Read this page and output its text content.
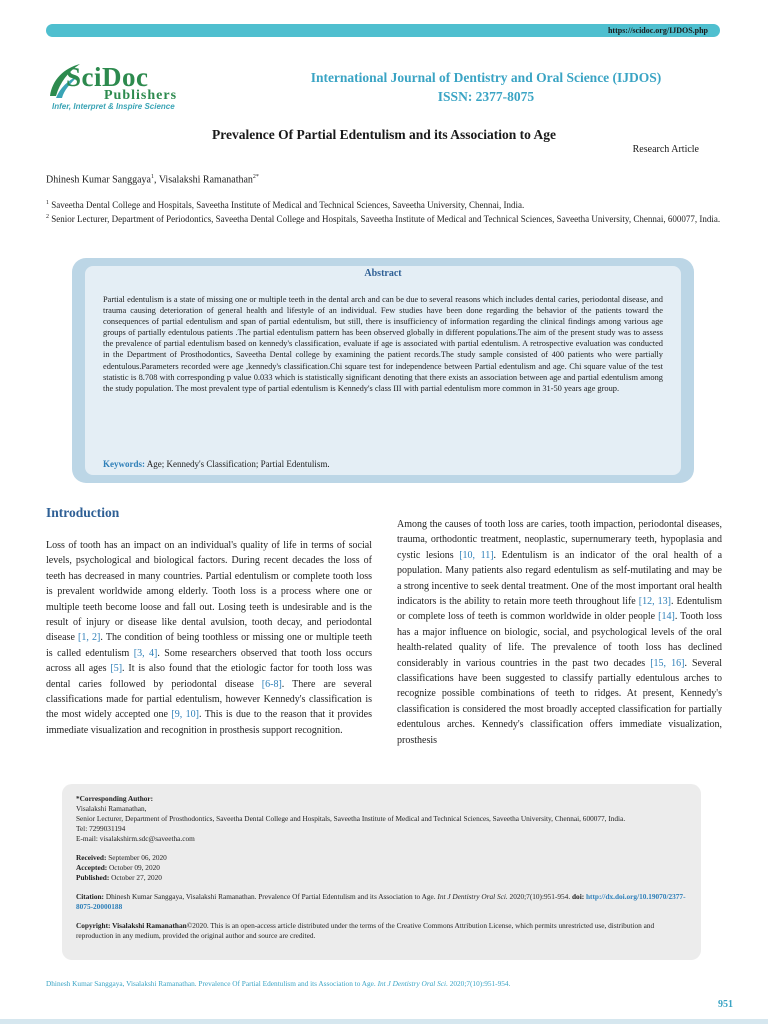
https://scidoc.org/IJDOS.php
SciDoc
Publishers
Infer, Interpret & Inspire Science
International Journal of Dentistry and Oral Science (IJDOS)
ISSN: 2377-8075
Prevalence Of Partial Edentulism and its Association to Age
Research Article
Dhinesh Kumar Sanggaya$^1$, Visalakshi Ramanathan$^{2*}$
$^1$ Saveetha Dental College and Hospitals, Saveetha Institute of Medical and Technical Sciences, Saveetha University, Chennai, India.
$^2$ Senior Lecturer, Department of Periodontics, Saveetha Dental College and Hospitals, Saveetha Institute of Medical and Technical Sciences, Saveetha University, Chennai, 600077, India.
Abstract
Partial edentulism is a state of missing one or multiple teeth in the dental arch and can be due to several reasons which includes dental caries, periodontal disease, and trauma causing deterioration of general health and lifestyle of an individual. Few studies have been done regarding the behavior of the patients toward the consequences of partial edentulism and span of partial edentulism, but still, there is insufficiency of information regarding the clinical findings among various age groups of partially edentulous patients .The partial edentulism pattern has been observed globally in different populations.The aim of the present study was to assess the prevalence of partial edentulism based on kennedy's classification, evaluate if age is associated with partial edentulism. A retrospective evaluation was conducted in the Department of Prosthodontics, Saveetha Dental college by examining the patient records.The study sample consisted of 400 patients who were partially edentulous.Parameters recorded were age ,kennedy's classification.Chi square test for independence between Partial edentulism and age. Chi square value of the test statistic is 8.708 with corresponding p value 0.033 which is statistically significant denoting that there exists an association between age and partial edentulism among the study population. The most prevalent type of partial edentulism is Kennedy's class III with partial edentulism more common in 31-50 years age group.
Keywords: Age; Kennedy's Classification; Partial Edentulism.
Introduction
Loss of tooth has an impact on an individual's quality of life in terms of social levels, psychological and biological factors. During recent decades the loss of teeth has decreased in many countries. Partial edentulism or complete tooth loss is prevalent worldwide among elderly. Tooth loss is a process where one or multiple teeth become loose and fall out. Losing teeth is undesirable and is the result of injury or disease like dental avulsion, tooth decay, and periodontal disease [1, 2]. The condition of being toothless or missing one or multiple teeth is called edentulism [3, 4]. Some researchers observed that tooth loss occurs across all ages [5]. It is also found that the etiologic factor for tooth loss was dental caries followed by periodontal disease [6-8]. There are several classifications made for partial edentulism, however Kennedy's classification is the most widely accepted one [9, 10]. This is due to the reason that it provides immediate visualization and recognition in prosthesis support recognition.
Among the causes of tooth loss are caries, tooth impaction, periodontal diseases, trauma, orthodontic treatment, neoplastic, supernumerary teeth, hypoplasia and cystic lesions [10, 11]. Edentulism is an indicator of the oral health of a population. Many patients also regard edentulism as self-mutilating and may be a strong incentive to seek dental treatment. One of the most important oral health indicators is the ability to retain more teeth throughout life [12, 13]. Edentulism or complete loss of teeth is common worldwide in older people [14]. Tooth loss has a major influence on biologic, social, and psychological levels of the oral health-related quality of life. The prevalence of tooth loss has declined considerably in various countries in the past two decades [15, 16]. Several classifications have been suggested to classify partially edentulous arches to recognize possible combinations of teeth to ridges. At present, Kennedy's classification is considered the most broadly accepted classification for partially edentulous arches. Kennedy's classification offers immediate visualization, prosthesis
*Corresponding Author:
Visalakshi Ramanathan,
Senior Lecturer, Department of Prosthodontics, Saveetha Dental College and Hospitals, Saveetha Institute of Medical and Technical Sciences, Saveetha University, Chennai, 600077, India.
Tel: 7299031194
E-mail: visalakshirm.sdc@saveetha.com
Received: September 06, 2020
Accepted: October 09, 2020
Published: October 27, 2020
Citation: Dhinesh Kumar Sanggaya, Visalakshi Ramanathan. Prevalence Of Partial Edentulism and its Association to Age. Int J Dentistry Oral Sci. 2020;7(10):951-954. doi: http://dx.doi.org/10.19070/2377-8075-20000188
Copyright: Visalakshi Ramanathan©2020. This is an open-access article distributed under the terms of the Creative Commons Attribution License, which permits unrestricted use, distribution and reproduction in any medium, provided the original author and source are credited.
Dhinesh Kumar Sanggaya, Visalakshi Ramanathan. Prevalence Of Partial Edentulism and its Association to Age. Int J Dentistry Oral Sci. 2020;7(10):951-954.
951
